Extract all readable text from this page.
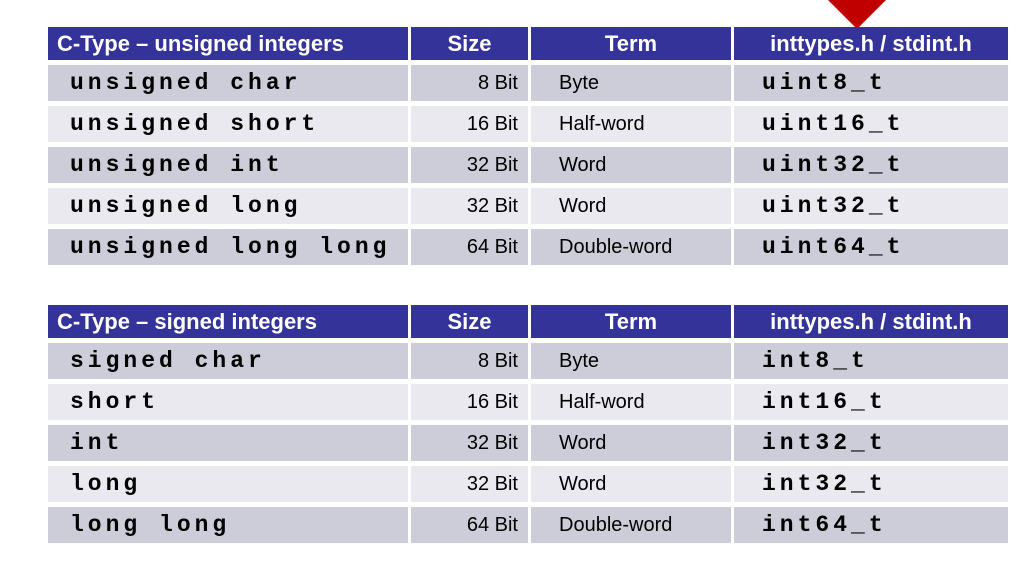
C-Type – unsigned integers	Size	Term	inttypes.h / stdint.h
unsigned char	8 Bit	Byte	uint8_t
unsigned short	16 Bit	Half-word	uint16_t
unsigned int	32 Bit	Word	uint32_t
unsigned long	32 Bit	Word	uint32_t
unsigned long long	64 Bit	Double-word	uint64_t
C-Type – signed integers	Size	Term	inttypes.h / stdint.h
signed char	8 Bit	Byte	int8_t
short	16 Bit	Half-word	int16_t
int	32 Bit	Word	int32_t
long	32 Bit	Word	int32_t
long long	64 Bit	Double-word	int64_t
